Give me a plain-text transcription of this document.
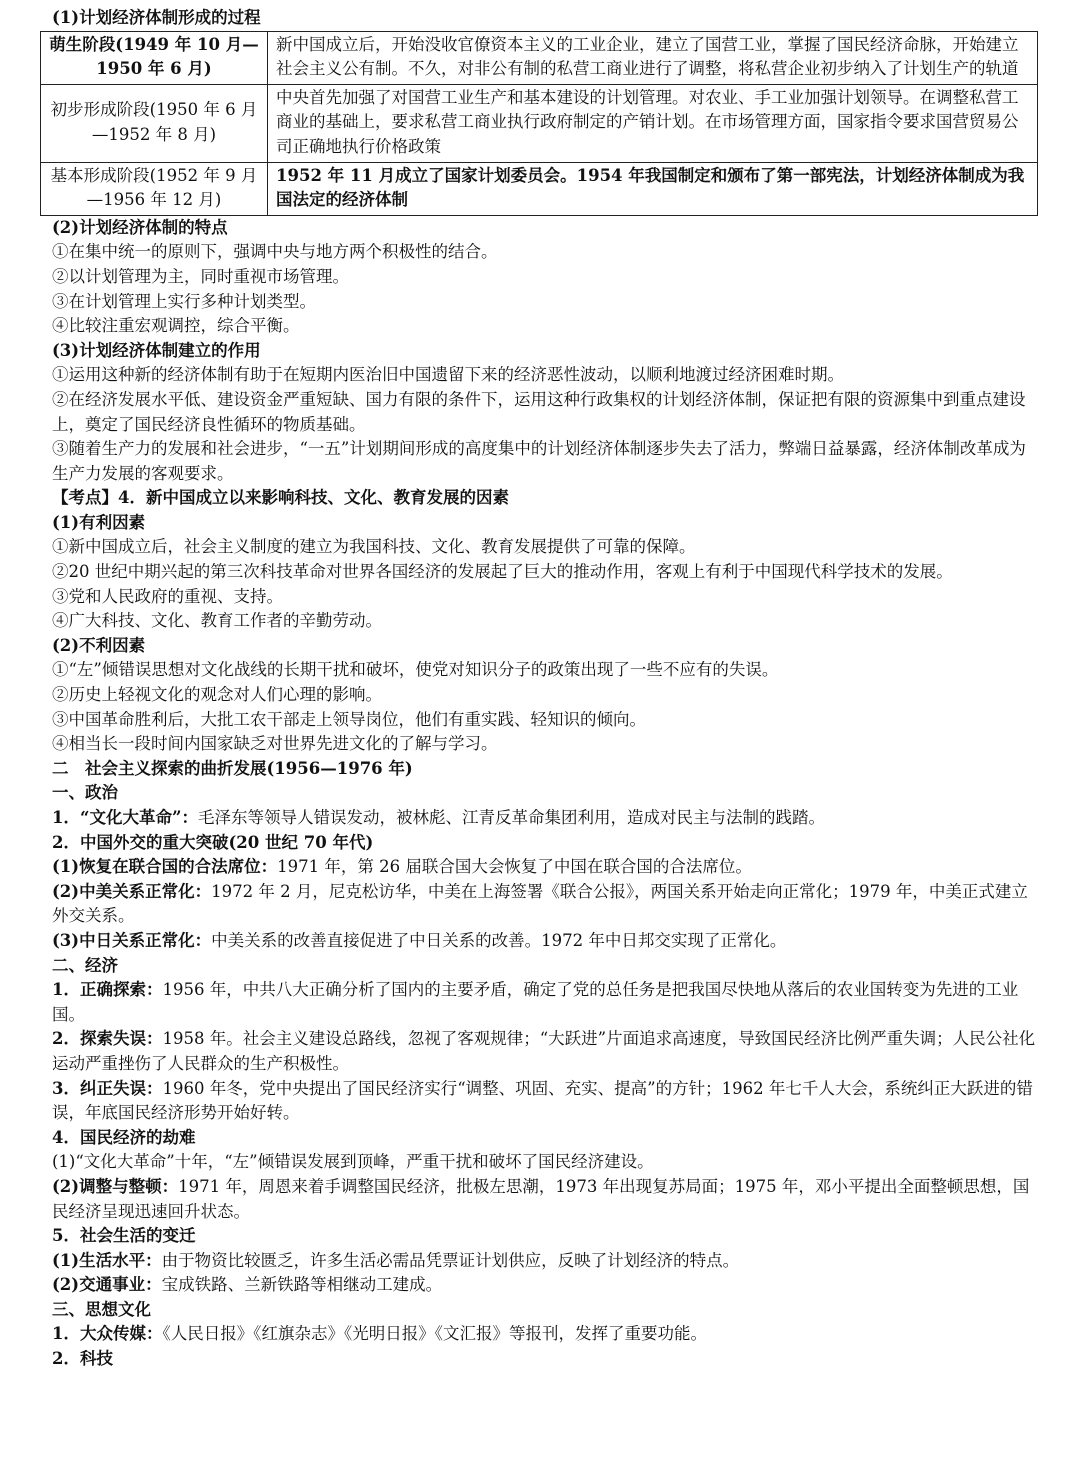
(1)计划经济体制形成的过程

萌生阶段(1949 年 10 月—1950 年 6 月)	新中国成立后，开始没收官僚资本主义的工业企业，建立了国营工业，掌握了国民经济命脉，开始建立社会主义公有制。不久，对非公有制的私营工商业进行了调整，将私营企业初步纳入了计划生产的轨道
初步形成阶段(1950 年 6 月—1952 年 8 月)	中央首先加强了对国营工业生产和基本建设的计划管理。对农业、手工业加强计划领导。在调整私营工商业的基础上，要求私营工商业执行政府制定的产销计划。在市场管理方面，国家指令要求国营贸易公司正确地执行价格政策
基本形成阶段(1952 年 9 月—1956 年 12 月)	1952 年 11 月成立了国家计划委员会。1954 年我国制定和颁布了第一部宪法，计划经济体制成为我国法定的经济体制

(2)计划经济体制的特点

①在集中统一的原则下，强调中央与地方两个积极性的结合。

②以计划管理为主，同时重视市场管理。

③在计划管理上实行多种计划类型。

④比较注重宏观调控，综合平衡。

(3)计划经济体制建立的作用

①运用这种新的经济体制有助于在短期内医治旧中国遗留下来的经济恶性波动，以顺利地渡过经济困难时期。

②在经济发展水平低、建设资金严重短缺、国力有限的条件下，运用这种行政集权的计划经济体制，保证把有限的资源集中到重点建设上，奠定了国民经济良性循环的物质基础。

③随着生产力的发展和社会进步，“一五”计划期间形成的高度集中的计划经济体制逐步失去了活力，弊端日益暴露，经济体制改革成为生产力发展的客观要求。

【考点】4．新中国成立以来影响科技、文化、教育发展的因素

(1)有利因素

①新中国成立后，社会主义制度的建立为我国科技、文化、教育发展提供了可靠的保障。

②20 世纪中期兴起的第三次科技革命对世界各国经济的发展起了巨大的推动作用，客观上有利于中国现代科学技术的发展。

③党和人民政府的重视、支持。

④广大科技、文化、教育工作者的辛勤劳动。

(2)不利因素

①“左”倾错误思想对文化战线的长期干扰和破坏，使党对知识分子的政策出现了一些不应有的失误。

②历史上轻视文化的观念对人们心理的影响。

③中国革命胜利后，大批工农干部走上领导岗位，他们有重实践、轻知识的倾向。

④相当长一段时间内国家缺乏对世界先进文化的了解与学习。

二　社会主义探索的曲折发展(1956—1976 年)

一、政治

1．“文化大革命”：毛泽东等领导人错误发动，被林彪、江青反革命集团利用，造成对民主与法制的践踏。

2．中国外交的重大突破(20 世纪 70 年代)

(1)恢复在联合国的合法席位：1971 年，第 26 届联合国大会恢复了中国在联合国的合法席位。

(2)中美关系正常化：1972 年 2 月，尼克松访华，中美在上海签署《联合公报》，两国关系开始走向正常化；1979 年，中美正式建立外交关系。

(3)中日关系正常化：中美关系的改善直接促进了中日关系的改善。1972 年中日邦交实现了正常化。

二、经济

1．正确探索：1956 年，中共八大正确分析了国内的主要矛盾，确定了党的总任务是把我国尽快地从落后的农业国转变为先进的工业国。

2．探索失误：1958 年。社会主义建设总路线，忽视了客观规律；“大跃进”片面追求高速度，导致国民经济比例严重失调；人民公社化运动严重挫伤了人民群众的生产积极性。

3．纠正失误：1960 年冬，党中央提出了国民经济实行“调整、巩固、充实、提高”的方针；1962 年七千人大会，系统纠正大跃进的错误，年底国民经济形势开始好转。

4．国民经济的劫难

(1)“文化大革命”十年，“左”倾错误发展到顶峰，严重干扰和破坏了国民经济建设。

(2)调整与整顿：1971 年，周恩来着手调整国民经济，批极左思潮，1973 年出现复苏局面；1975 年，邓小平提出全面整顿思想，国民经济呈现迅速回升状态。

5．社会生活的变迁

(1)生活水平：由于物资比较匮乏，许多生活必需品凭票证计划供应，反映了计划经济的特点。

(2)交通事业：宝成铁路、兰新铁路等相继动工建成。

三、思想文化

1．大众传媒：《人民日报》《红旗杂志》《光明日报》《文汇报》等报刊，发挥了重要功能。

2．科技
